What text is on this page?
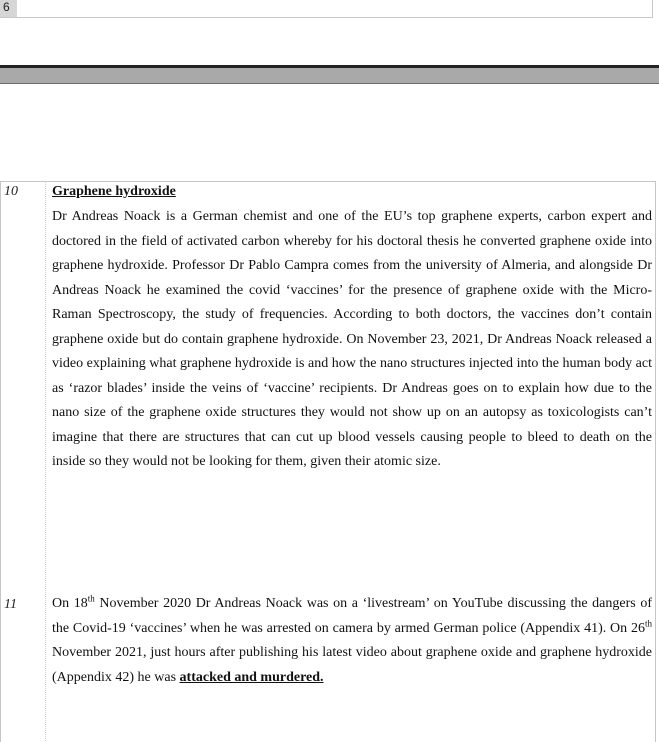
6
10 Graphene hydroxide
Dr Andreas Noack is a German chemist and one of the EU’s top graphene experts, carbon expert and doctored in the field of activated carbon whereby for his doctoral thesis he converted graphene oxide into graphene hydroxide. Professor Dr Pablo Campra comes from the university of Almeria, and alongside Dr Andreas Noack he examined the covid ‘vaccines’ for the presence of graphene oxide with the Micro-Raman Spectroscopy, the study of frequencies. According to both doctors, the vaccines don’t contain graphene oxide but do contain graphene hydroxide. On November 23, 2021, Dr Andreas Noack released a video explaining what graphene hydroxide is and how the nano structures injected into the human body act as ‘razor blades’ inside the veins of ‘vaccine’ recipients. Dr Andreas goes on to explain how due to the nano size of the graphene oxide structures they would not show up on an autopsy as toxicologists can’t imagine that there are structures that can cut up blood vessels causing people to bleed to death on the inside so they would not be looking for them, given their atomic size.
11	On 18th November 2020 Dr Andreas Noack was on a ‘livestream’ on YouTube discussing the dangers of the Covid-19 ‘vaccines’ when he was arrested on camera by armed German police (Appendix 41). On 26th November 2021, just hours after publishing his latest video about graphene oxide and graphene hydroxide (Appendix 42) he was attacked and murdered.
